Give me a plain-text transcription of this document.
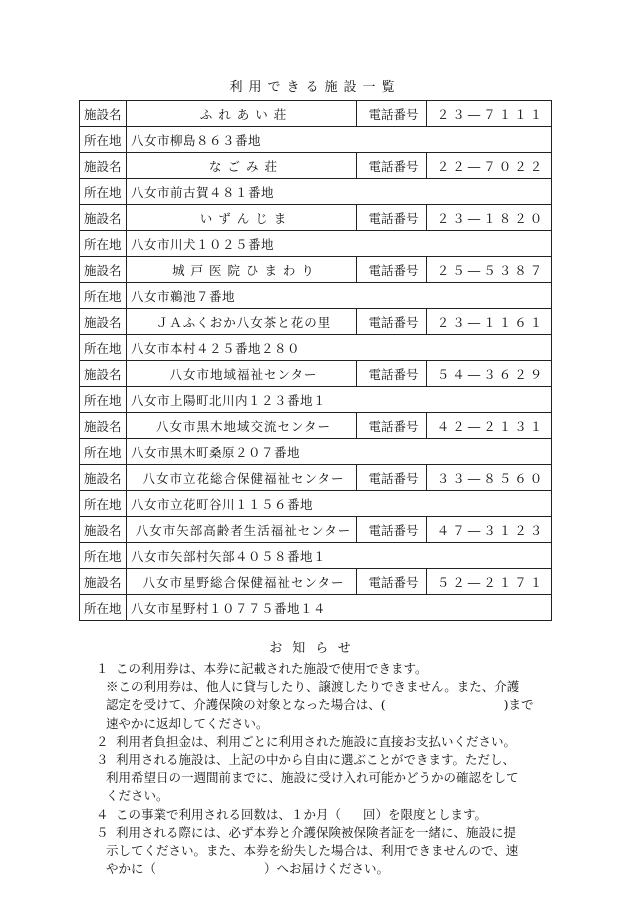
利用できる施設一覧
施設名	ふ れ あ い 荘	電話番号	２３―７１１１
所在地	八女市柳島８６３番地		
施設名	な ご み 荘	電話番号	２２―７０２２
所在地	八女市前古賀４８１番地		
施設名	い ず ん じ ま	電話番号	２３―１８２０
所在地	八女市川犬１０２５番地		
施設名	城 戸 医 院 ひ ま わ り	電話番号	２５―５３８７
所在地	八女市鵜池７番地		
施設名	ＪＡふくおか八女茶と花の里	電話番号	２３―１１６１
所在地	八女市本村４２５番地２８０		
施設名	八女市地域福祉センター	電話番号	５４―３６２９
所在地	八女市上陽町北川内１２３番地１		
施設名	八女市黒木地域交流センター	電話番号	４２―２１３１
所在地	八女市黒木町桑原２０７番地		
施設名	八女市立花総合保健福祉センター	電話番号	３３―８５６０
所在地	八女市立花町谷川１１５６番地		
施設名	八女市矢部高齢者生活福祉センター	電話番号	４７―３１２３
所在地	八女市矢部村矢部４０５８番地１		
施設名	八女市星野総合保健福祉センター	電話番号	５２―２１７１
所在地	八女市星野村１０７７５番地１４		
お知らせ
１ この利用券は、本券に記載された施設で使用できます。
※この利用券は、他人に貸与したり、譲渡したりできません。また、介護
認定を受けて、介護保険の対象となった場合は、(	)まで
速やかに返却してください。
２ 利用者負担金は、利用ごとに利用された施設に直接お支払いください。
３ 利用される施設は、上記の中から自由に選ぶことができます。ただし、
利用希望日の一週間前までに、施設に受け入れ可能かどうかの確認をして
ください。
４ この事業で利用される回数は、１か月（ 回）を限度とします。
５ 利用される際には、必ず本券と介護保険被保険者証を一緒に、施設に提
示してください。また、本券を紛失した場合は、利用できませんので、速
やかに（	）へお届けください。
